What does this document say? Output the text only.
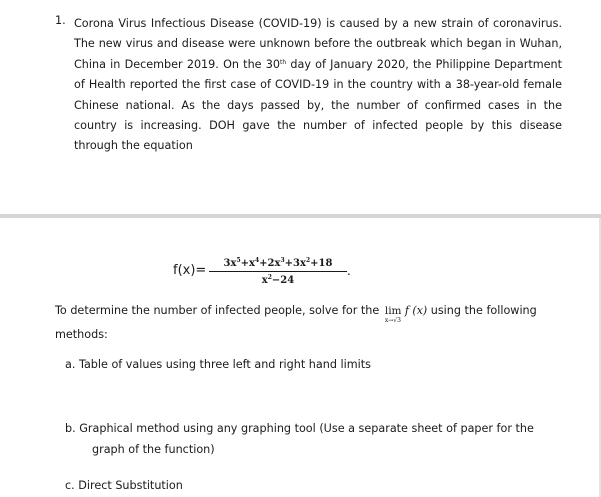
1. Corona Virus Infectious Disease (COVID-19) is caused by a new strain of coronavirus. The new virus and disease were unknown before the outbreak which began in Wuhan, China in December 2019. On the 30th day of January 2020, the Philippine Department of Health reported the first case of COVID-19 in the country with a 38-year-old female Chinese national. As the days passed by, the number of confirmed cases in the country is increasing. DOH gave the number of infected people by this disease through the equation
f(x)=	$3x^5+x^4+2x^3+3x^2+18$
$x^2-24$
.
To determine the number of infected people, solve for the lim
x→√3
f (x) using the following methods:
a. Table of values using three left and right hand limits
b. Graphical method using any graphing tool (Use a separate sheet of paper for the
graph of the function)
c. Direct Substitution
